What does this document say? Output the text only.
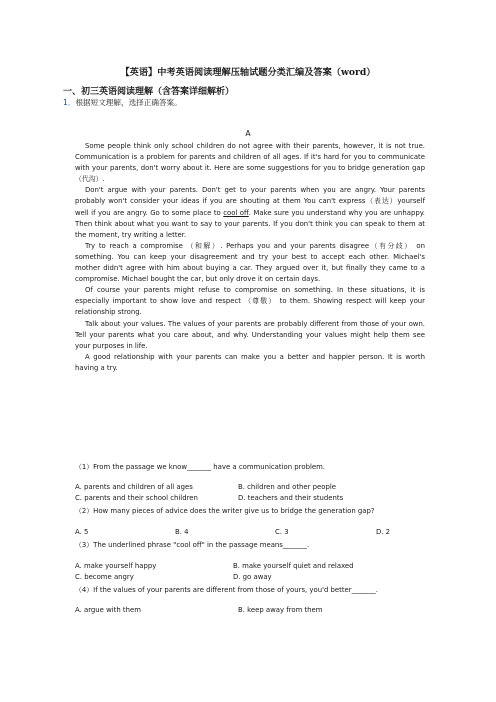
【英语】中考英语阅读理解压轴试题分类汇编及答案（word）
一、初三英语阅读理解（含答案详细解析）
1．根据短文理解，选择正确答案。
A

Some people think only school children do not agree with their parents, however, it is not true. Communication is a problem for parents and children of all ages. If it's hard for you to communicate with your parents, don't worry about it. Here are some suggestions for you to bridge generation gap（代沟）.

Don't argue with your parents. Don't get to your parents when you are angry. Your parents probably won't consider your ideas if you are shouting at them You can't express（表达）yourself well if you are angry. Go to some place to cool off. Make sure you understand why you are unhappy. Then think about what you want to say to your parents. If you don't think you can speak to them at the moment, try writing a letter.

Try to reach a compromise （和解）. Perhaps you and your parents disagree（有分歧） on something. You can keep your disagreement and try your best to accept each other. Michael's mother didn't agree with him about buying a car. They argued over it, but finally they came to a compromise. Michael bought the car, but only drove it on certain days.

Of course your parents might refuse to compromise on something. In these situations, it is especially important to show love and respect （尊敬） to them. Showing respect will keep your relationship strong.

Talk about your values. The values of your parents are probably different from those of your own. Tell your parents what you care about, and why. Understanding your values might help them see your purposes in life.

A good relationship with your parents can make you a better and happier person. It is worth having a try.

（1）From the passage we know_______ have a communication problem.
A. parents and children of all ages	B. children and other people
C. parents and their school children	D. teachers and their students
（2）How many pieces of advice does the writer give us to bridge the generation gap?
A. 5	B. 4	C. 3	D. 2
（3）The underlined phrase "cool off" in the passage means_______.
A. make yourself happy	B. make yourself quiet and relaxed
C. become angry	D. go away
（4）If the values of your parents are different from those of yours, you'd better_______.
A. argue with them	B. keep away from them
